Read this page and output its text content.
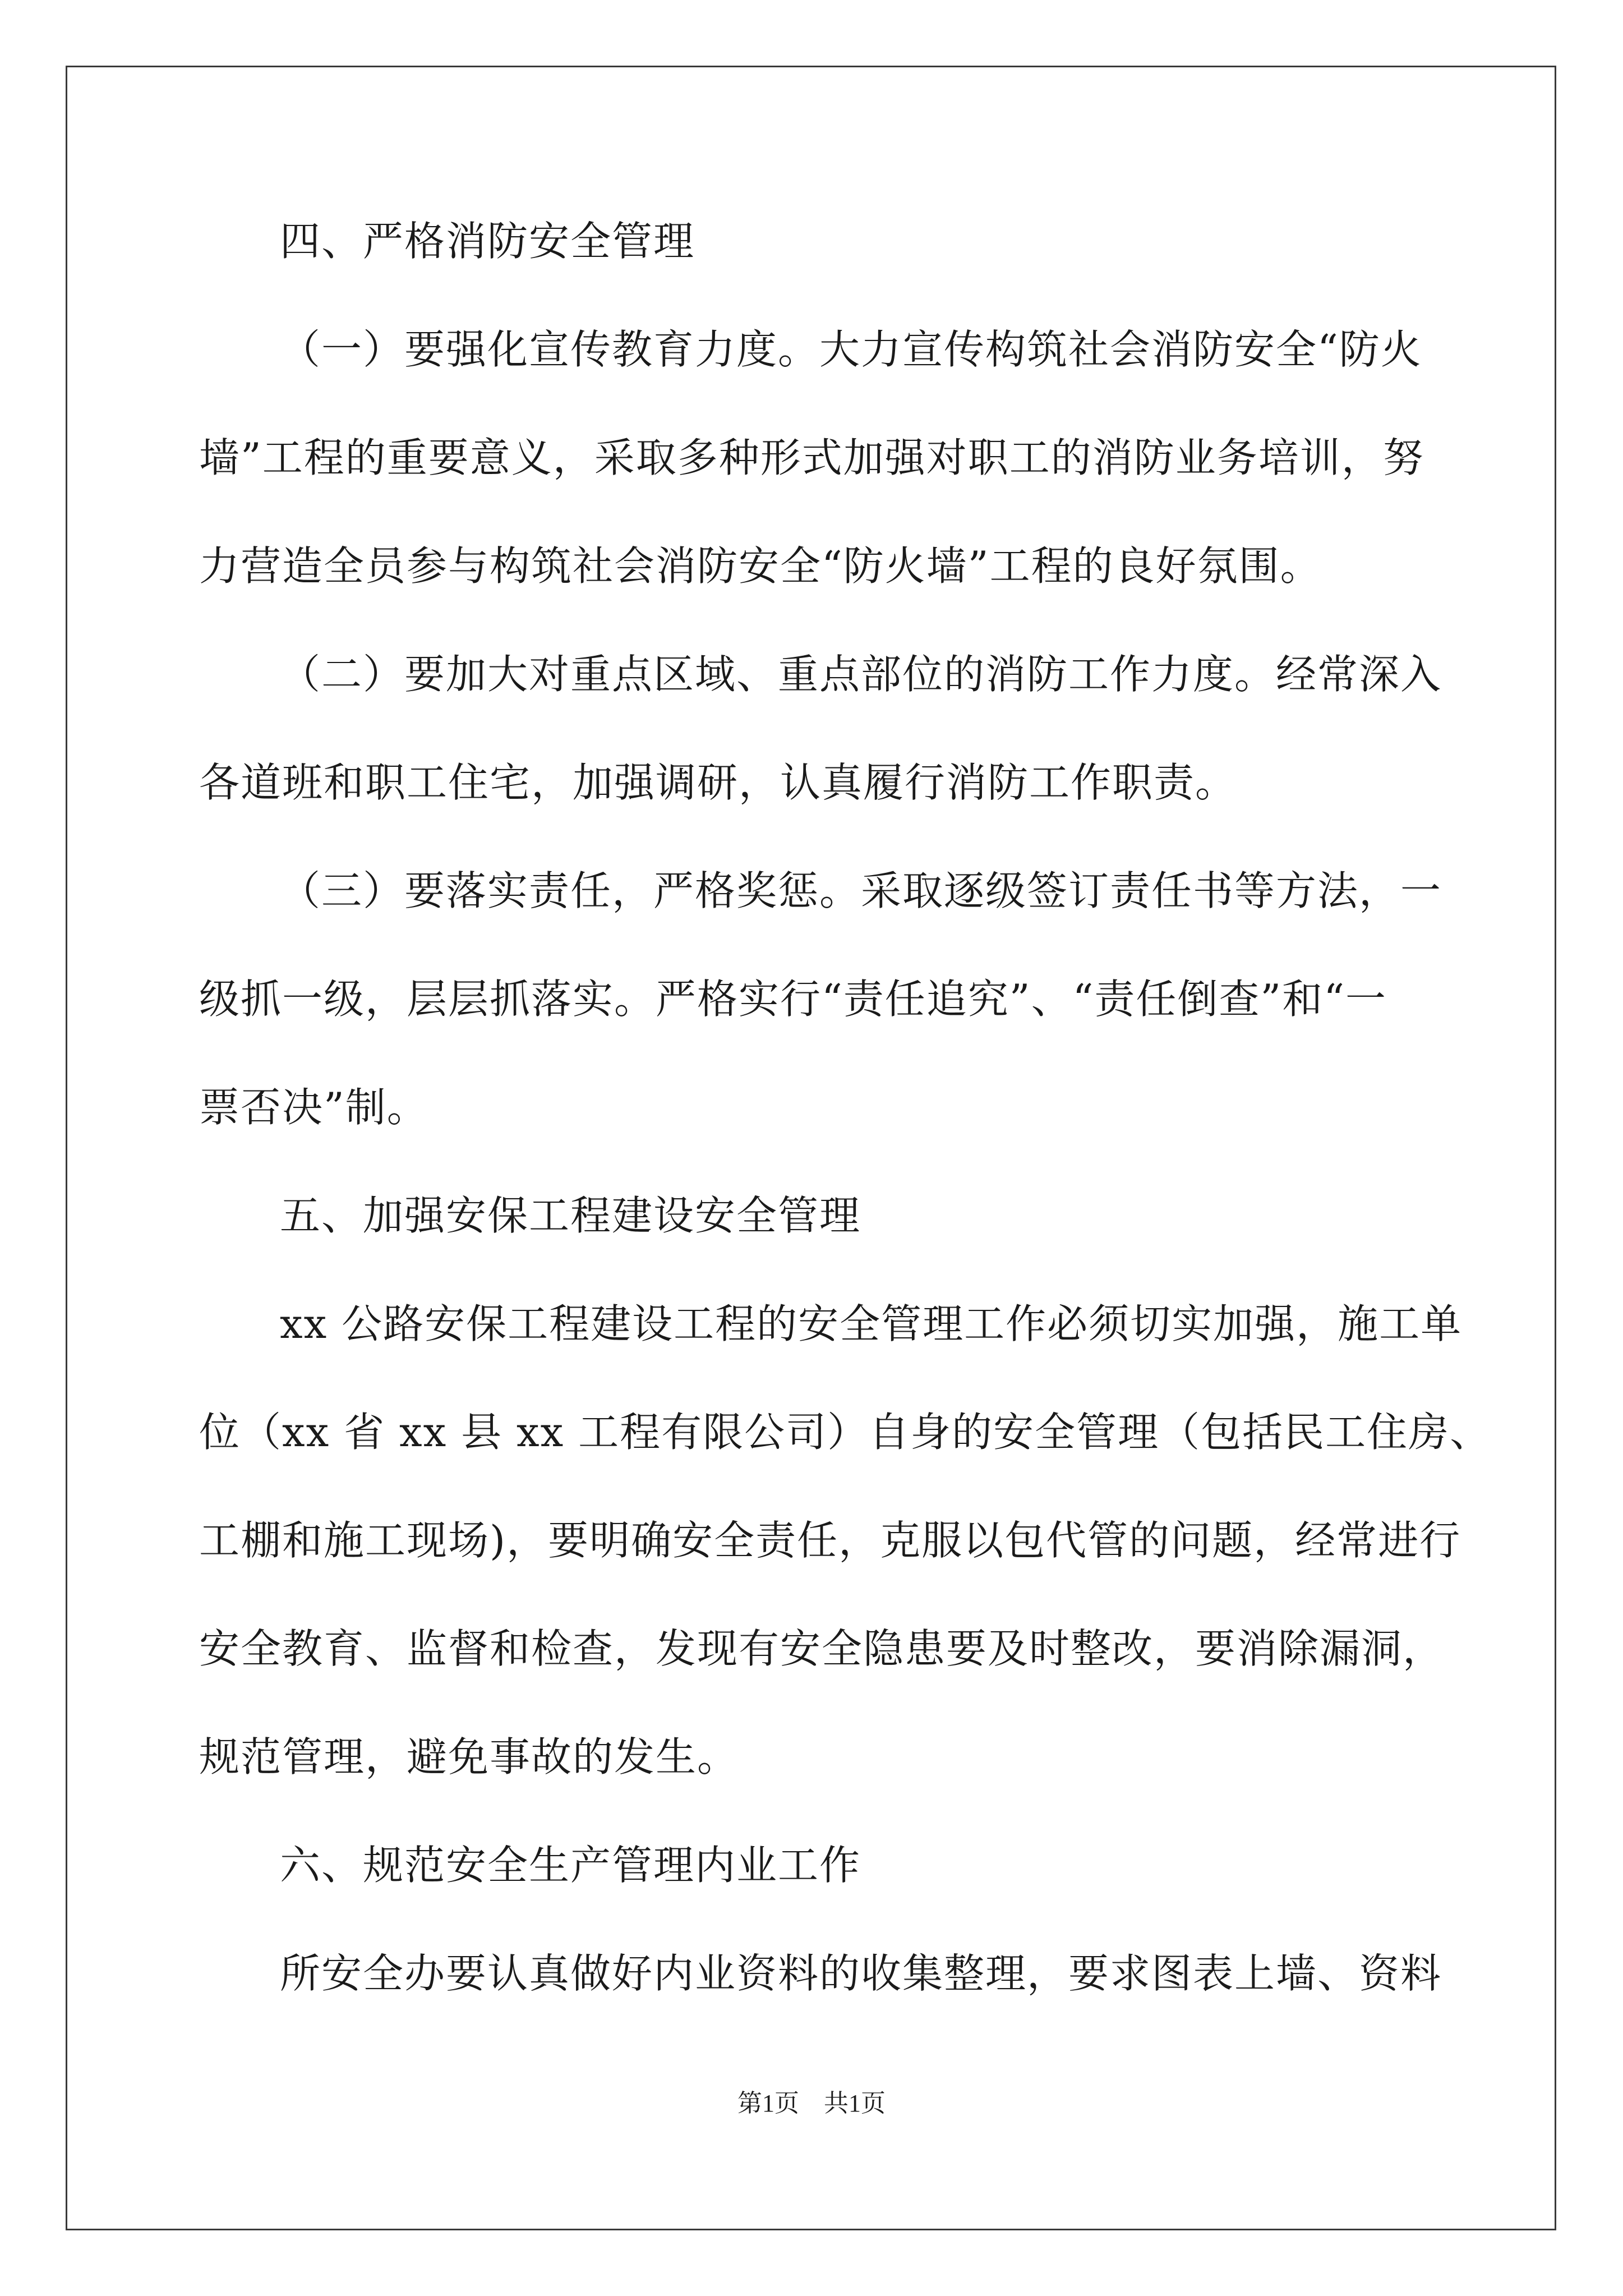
四、严格消防安全管理
（一）要强化宣传教育力度。大力宣传构筑社会消防安全“防火
墙”工程的重要意义，采取多种形式加强对职工的消防业务培训，努
力营造全员参与构筑社会消防安全“防火墙”工程的良好氛围。
（二）要加大对重点区域、重点部位的消防工作力度。经常深入
各道班和职工住宅，加强调研，认真履行消防工作职责。
（三）要落实责任，严格奖惩。采取逐级签订责任书等方法，一
级抓一级，层层抓落实。严格实行“责任追究”、“责任倒查”和“一
票否决”制。
五、加强安保工程建设安全管理
xx 公路安保工程建设工程的安全管理工作必须切实加强，施工单
位（xx 省 xx 县 xx 工程有限公司）自身的安全管理（包括民工住房、
工棚和施工现场)，要明确安全责任，克服以包代管的问题，经常进行
安全教育、监督和检查，发现有安全隐患要及时整改，要消除漏洞，
规范管理，避免事故的发生。
六、规范安全生产管理内业工作
所安全办要认真做好内业资料的收集整理，要求图表上墙、资料
第1页　共1页
